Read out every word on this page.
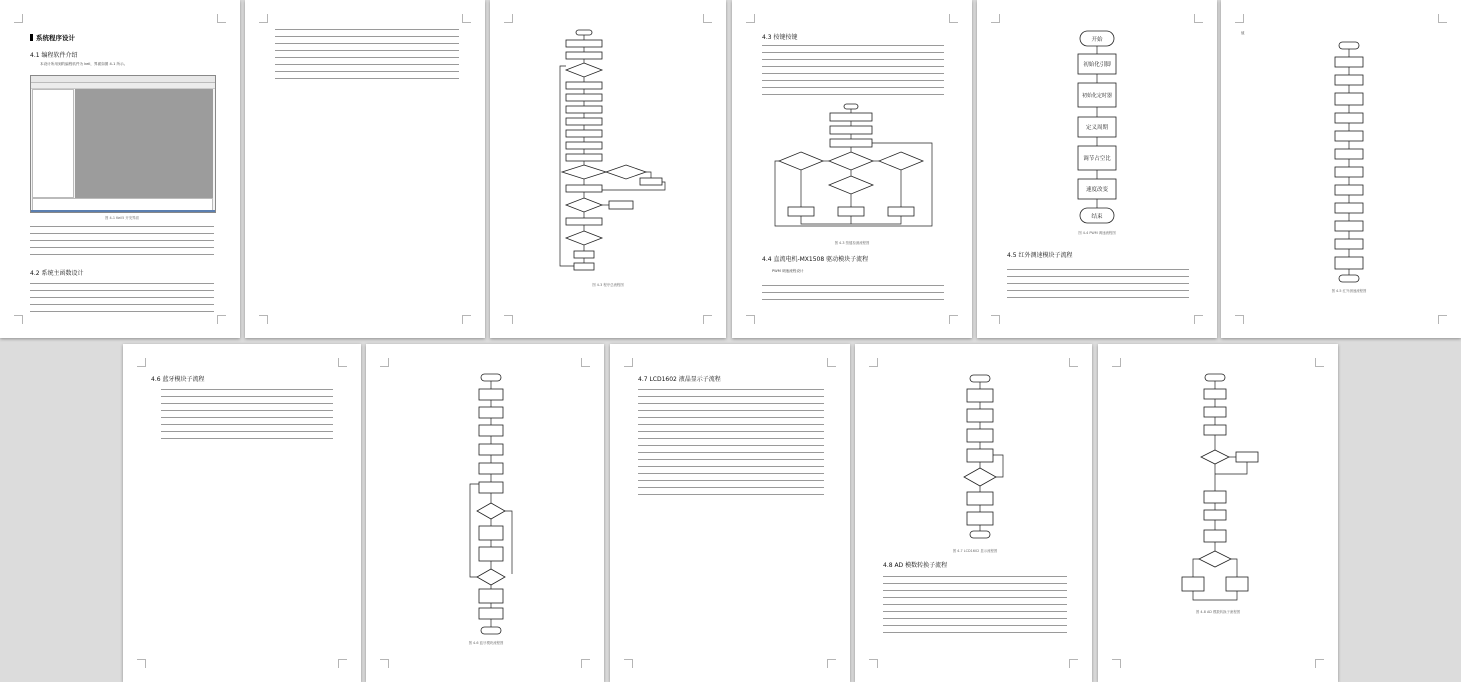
系统程序设计
4.1 编程软件介绍
本设计所用到的编程软件为 keil，界面如图 4-1 所示。
图 4-1 Keil5 开发界面
4.2 系统主函数设计
图 4-3 程序总流程图
4.3 按键按键
图 4-3 按键检测流程图
4.4 直流电机-MX1508 驱动模块子流程
PWM 调速流程设计
开始
初始化引脚
初始化定时器
定义周期
调节占空比
速度改变
结束
图 4-4 PWM 调速流程图
4.5 红外测速模块子流程
值
图 4-5 红外测速流程图
4.6 蓝牙模块子流程
图 4-6 蓝牙模块流程图
4.7 LCD1602 液晶显示子流程
图 4-7 LCD1602 显示流程图
4.8 AD 模数转换子流程
图 4-8 AD 模数转换子流程图
